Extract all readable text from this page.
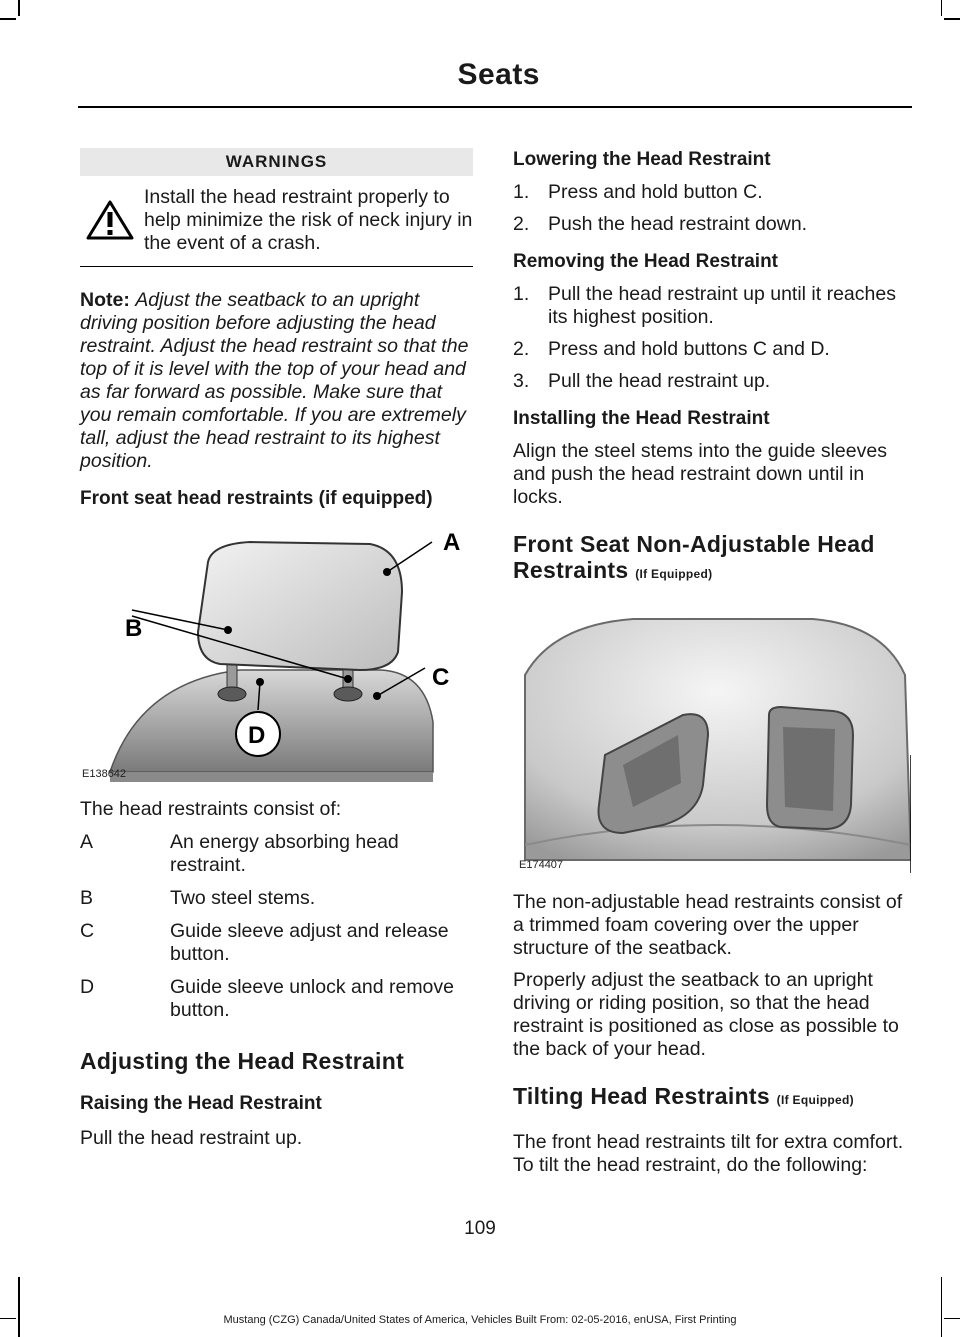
Seats
WARNINGS
Install the head restraint properly to help minimize the risk of neck injury in the event of a crash.

Note: Adjust the seatback to an upright driving position before adjusting the head restraint. Adjust the head restraint so that the top of it is level with the top of your head and as far forward as possible. Make sure that you remain comfortable. If you are extremely tall, adjust the head restraint to its highest position.

Front seat head restraints (if equipped)
A
B
C
D
E138642

The head restraints consist of:

A	An energy absorbing head restraint.
B	Two steel stems.
C	Guide sleeve adjust and release button.
D	Guide sleeve unlock and remove button.
Adjusting the Head Restraint
Raising the Head Restraint

Pull the head restraint up.

Lowering the Head Restraint
1. Press and hold button C.
2. Push the head restraint down.
Removing the Head Restraint
1. Pull the head restraint up until it reaches its highest position.
2. Press and hold buttons C and D.
3. Pull the head restraint up.
Installing the Head Restraint

Align the steel stems into the guide sleeves and push the head restraint down until in locks.

Front Seat Non-Adjustable Head Restraints (If Equipped)
E174407

The non-adjustable head restraints consist of a trimmed foam covering over the upper structure of the seatback.

Properly adjust the seatback to an upright driving or riding position, so that the head restraint is positioned as close as possible to the back of your head.

Tilting Head Restraints (If Equipped)

The front head restraints tilt for extra comfort. To tilt the head restraint, do the following:

109
Mustang (CZG) Canada/United States of America, Vehicles Built From: 02-05-2016, enUSA, First Printing
